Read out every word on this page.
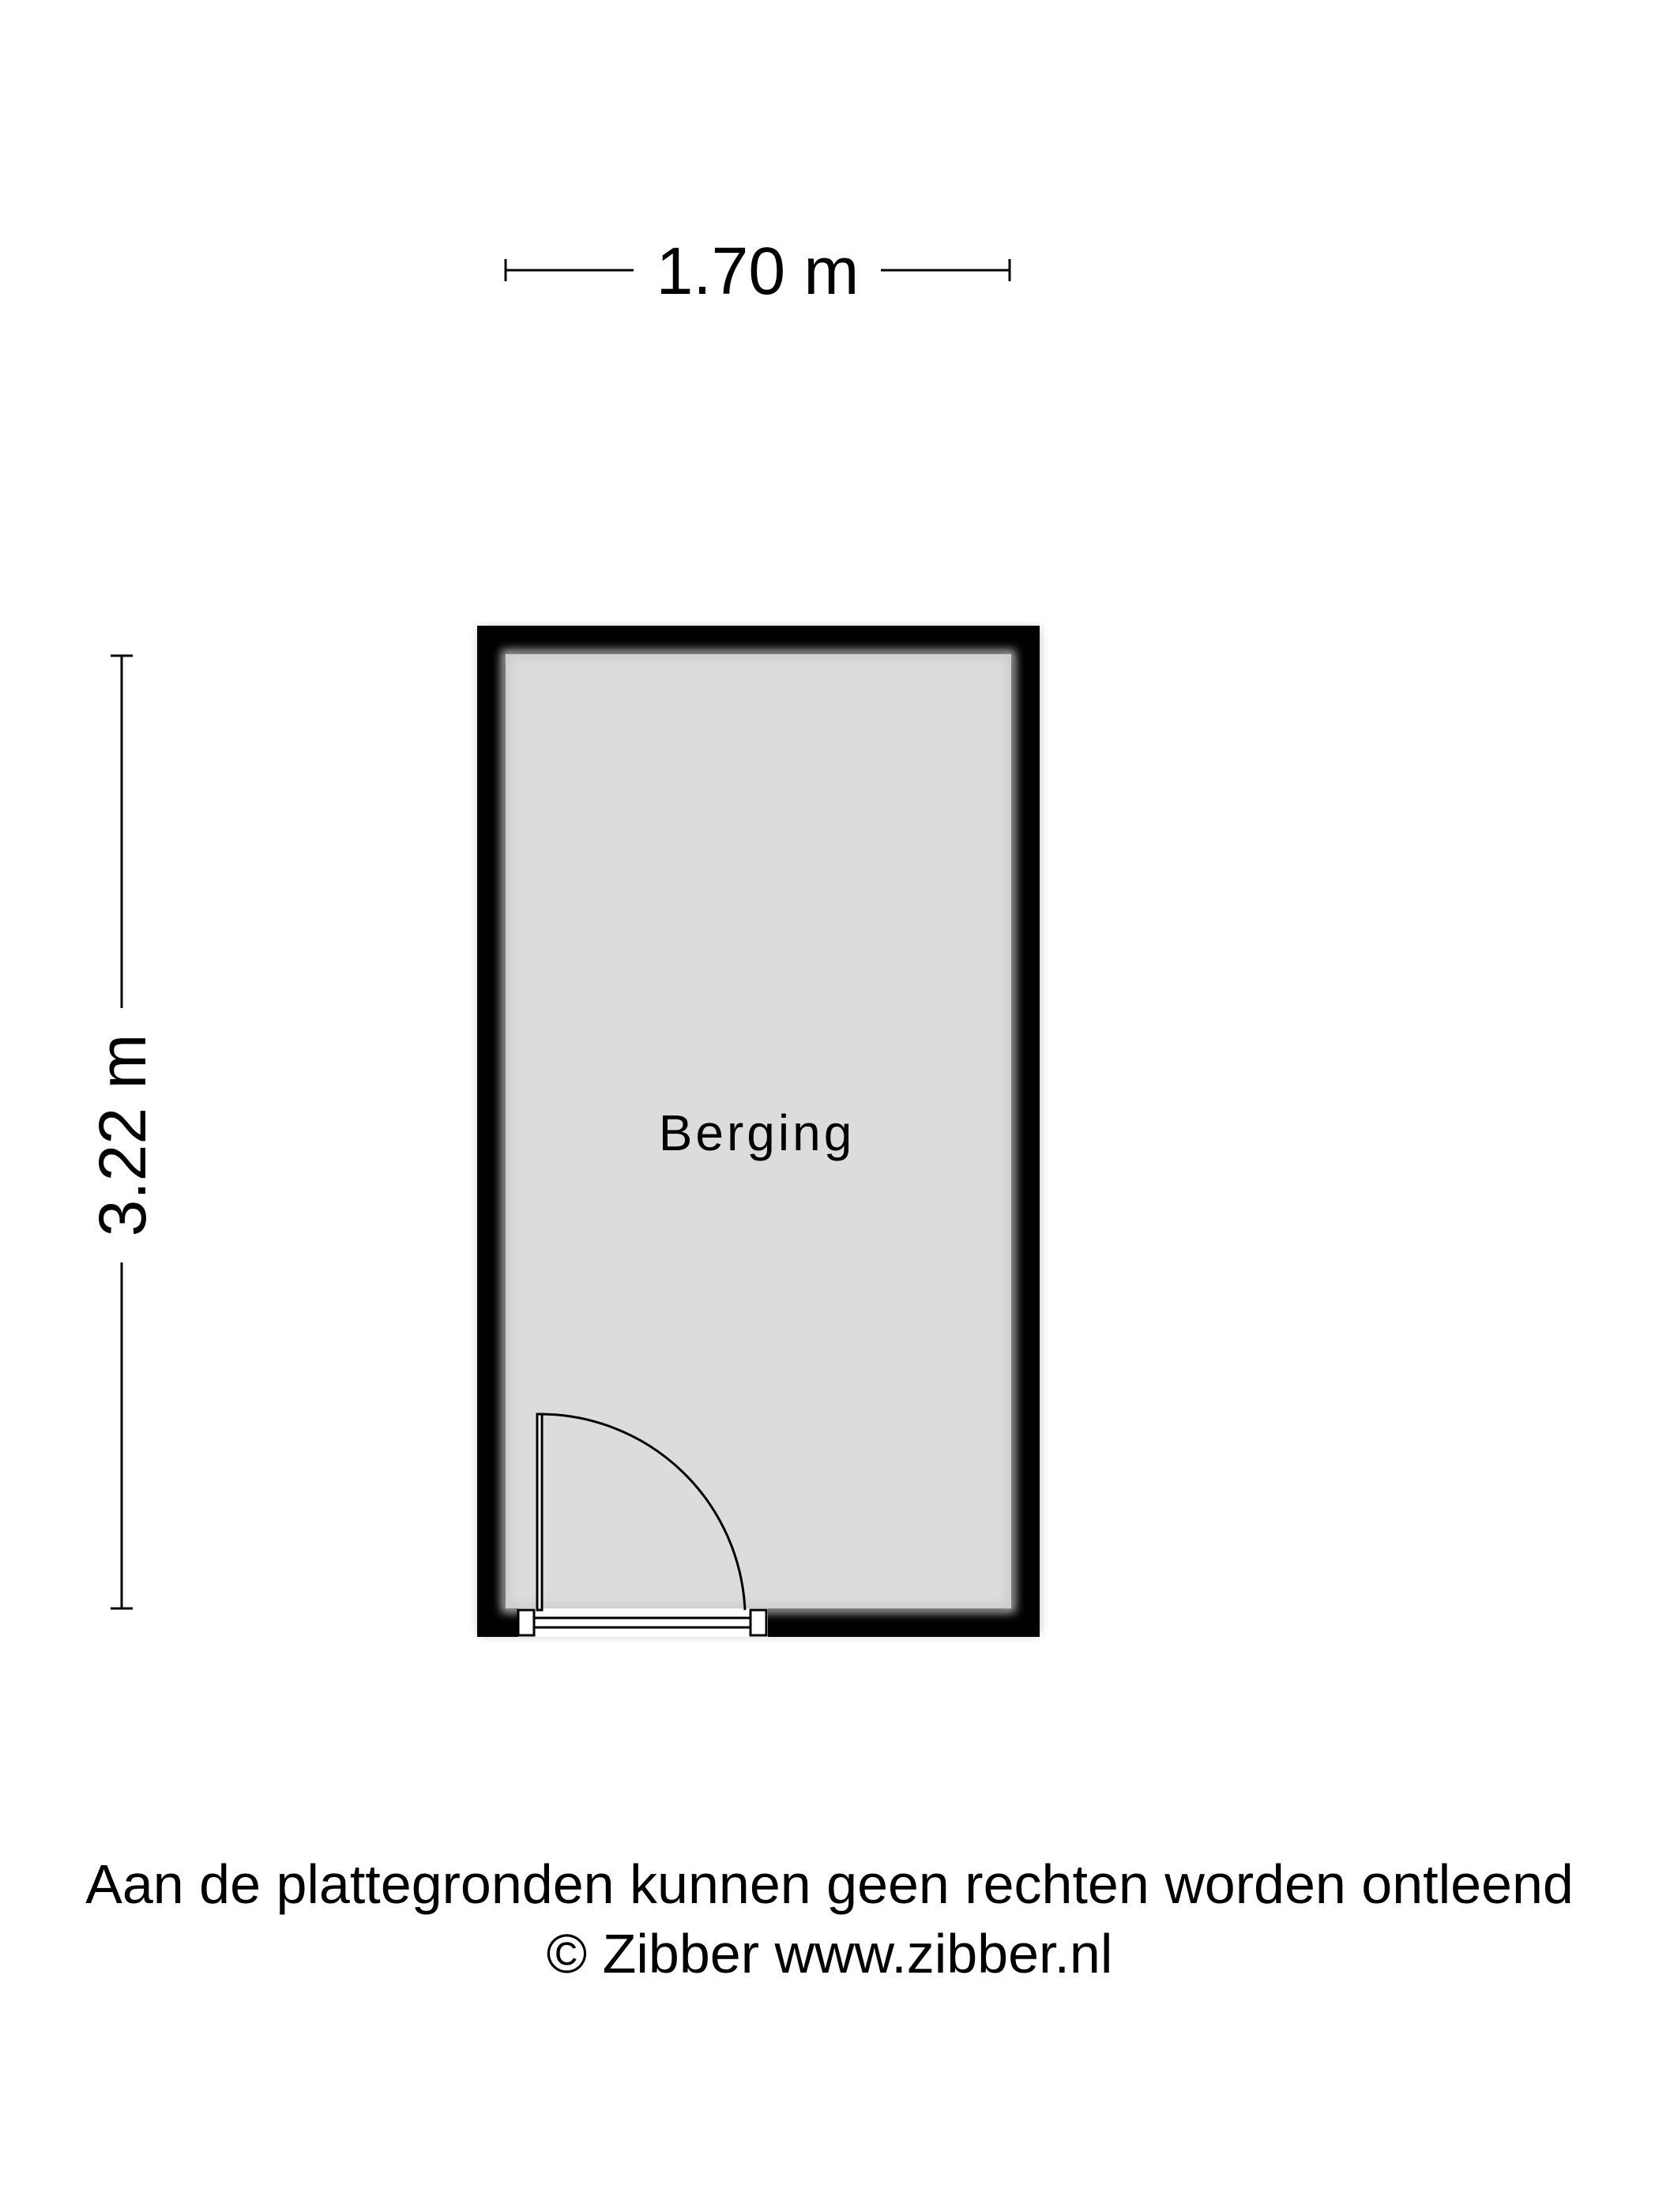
1.70 m
3.22 m	Berging
Aan de plattegronden kunnen geen rechten worden ontleend
© Zibber www.zibber.nl
